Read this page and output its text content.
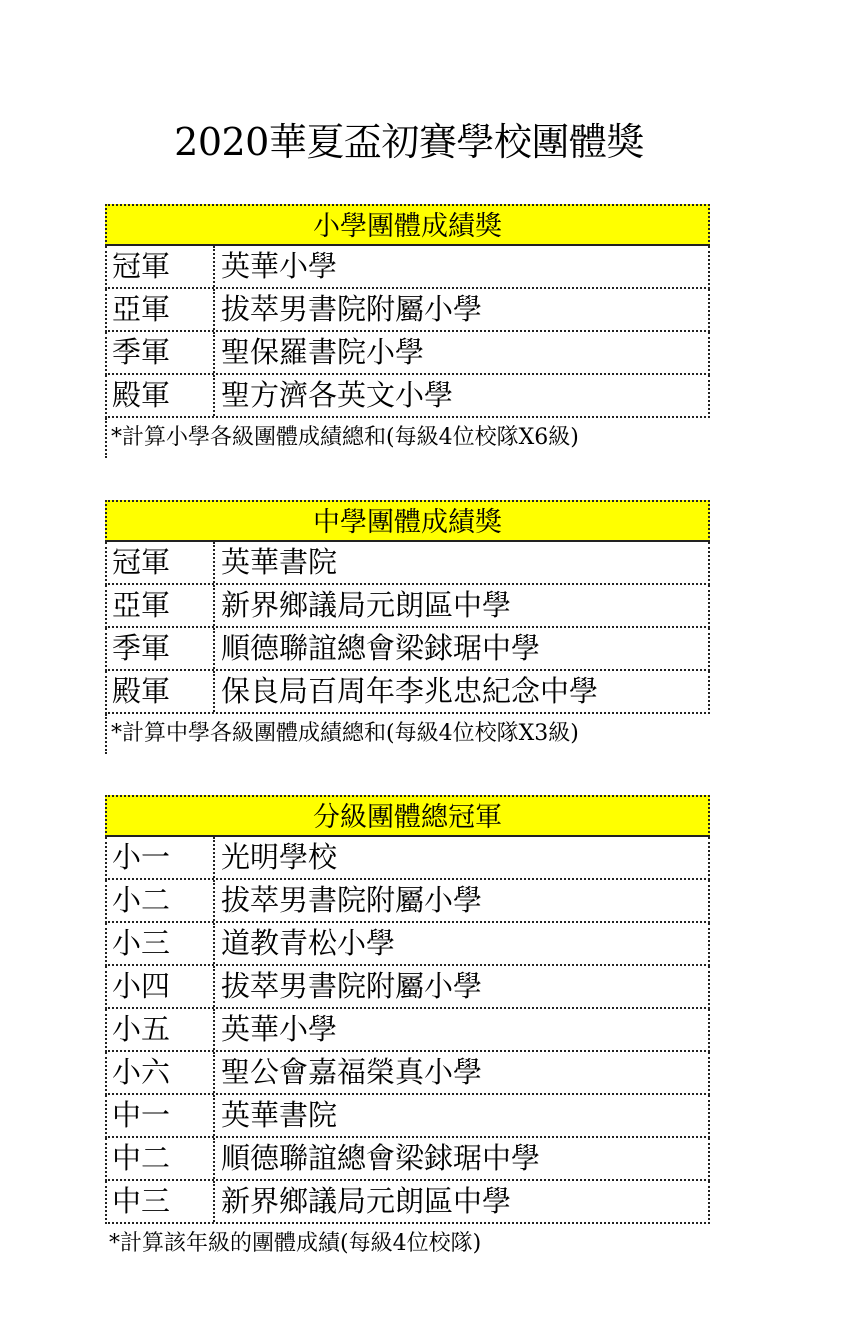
2020華夏盃初賽學校團體獎
小學團體成績獎
冠軍	英華小學
亞軍	拔萃男書院附屬小學
季軍	聖保羅書院小學
殿軍	聖方濟各英文小學
*計算小學各級團體成績總和(每級4位校隊X6級)
中學團體成績獎
冠軍	英華書院
亞軍	新界鄉議局元朗區中學
季軍	順德聯誼總會梁銶琚中學
殿軍	保良局百周年李兆忠紀念中學
*計算中學各級團體成績總和(每級4位校隊X3級)
分級團體總冠軍
小一	光明學校
小二	拔萃男書院附屬小學
小三	道教青松小學
小四	拔萃男書院附屬小學
小五	英華小學
小六	聖公會嘉福榮真小學
中一	英華書院
中二	順德聯誼總會梁銶琚中學
中三	新界鄉議局元朗區中學
*計算該年級的團體成績(每級4位校隊)
